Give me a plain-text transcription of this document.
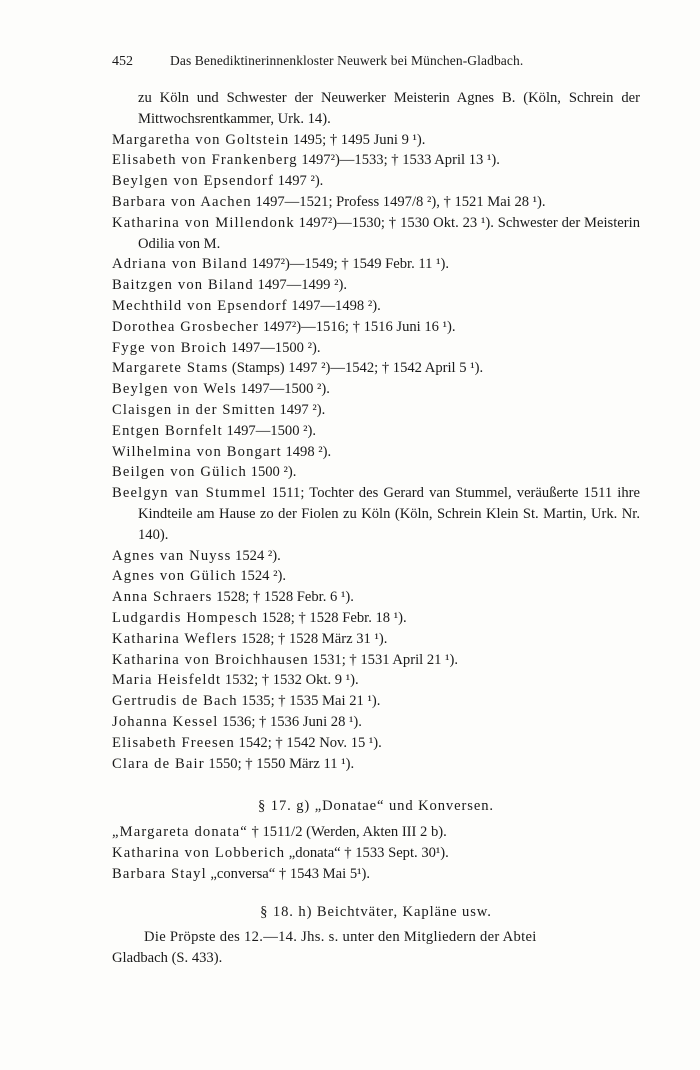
452	Das Benediktinerinnenkloster Neuwerk bei München-Gladbach.
zu Köln und Schwester der Neuwerker Meisterin Agnes B. (Köln, Schrein der Mittwochsrentkammer, Urk. 14).
Margaretha von Goltstein 1495; † 1495 Juni 9 ¹).
Elisabeth von Frankenberg 1497²)—1533; † 1533 April 13 ¹).
Beylgen von Epsendorf 1497 ²).
Barbara von Aachen 1497—1521; Profess 1497/8 ²), † 1521 Mai 28 ¹).
Katharina von Millendonk 1497²)—1530; † 1530 Okt. 23 ¹). Schwester der Meisterin Odilia von M.
Adriana von Biland 1497²)—1549; † 1549 Febr. 11 ¹).
Baitzgen von Biland 1497—1499 ²).
Mechthild von Epsendorf 1497—1498 ²).
Dorothea Grosbecher 1497²)—1516; † 1516 Juni 16 ¹).
Fyge von Broich 1497—1500 ²).
Margarete Stams (Stamps) 1497 ²)—1542; † 1542 April 5 ¹).
Beylgen von Wels 1497—1500 ²).
Claisgen in der Smitten 1497 ²).
Entgen Bornfelt 1497—1500 ²).
Wilhelmina von Bongart 1498 ²).
Beilgen von Gülich 1500 ²).
Beelgyn van Stummel 1511; Tochter des Gerard van Stummel, veräußerte 1511 ihre Kindteile am Hause zo der Fiolen zu Köln (Köln, Schrein Klein St. Martin, Urk. Nr. 140).
Agnes van Nuyss 1524 ²).
Agnes von Gülich 1524 ²).
Anna Schraers 1528; † 1528 Febr. 6 ¹).
Ludgardis Hompesch 1528; † 1528 Febr. 18 ¹).
Katharina Weflers 1528; † 1528 März 31 ¹).
Katharina von Broichhausen 1531; † 1531 April 21 ¹).
Maria Heisfeldt 1532; † 1532 Okt. 9 ¹).
Gertrudis de Bach 1535; † 1535 Mai 21 ¹).
Johanna Kessel 1536; † 1536 Juni 28 ¹).
Elisabeth Freesen 1542; † 1542 Nov. 15 ¹).
Clara de Bair 1550; † 1550 März 11 ¹).
§ 17. g) „Donatae“ und Konversen.
„Margareta donata“ † 1511/2 (Werden, Akten III 2 b).
Katharina von Lobberich „donata“ † 1533 Sept. 30¹).
Barbara Stayl „conversa“ † 1543 Mai 5¹).
§ 18. h) Beichtväter, Kapläne usw.
Die Pröpste des 12.—14. Jhs. s. unter den Mitgliedern der Abtei
Gladbach (S. 433).
